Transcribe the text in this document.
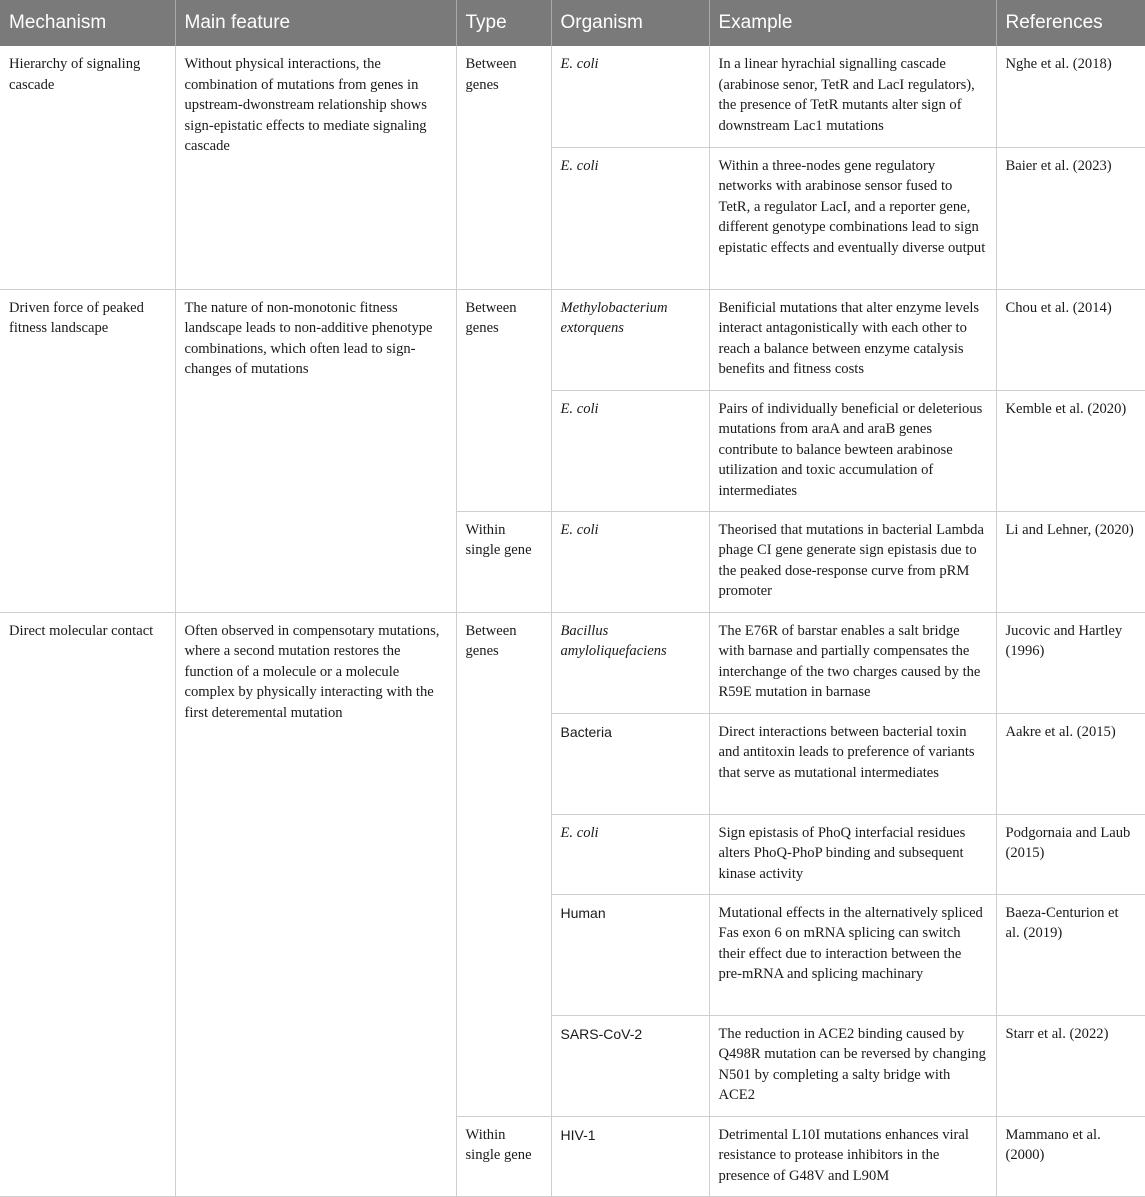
Mechanism	Main feature	Type	Organism	Example	References
Hierarchy of signaling cascade	Without physical interactions, the combination of mutations from genes in upstream-dwonstream relationship shows sign-epistatic effects to mediate signaling cascade	Between genes	E. coli	In a linear hyrachial signalling cascade (arabinose senor, TetR and LacI regulators), the presence of TetR mutants alter sign of downstream Lac1 mutations	Nghe et al. (2018)
			E. coli	Within a three-nodes gene regulatory networks with arabinose sensor fused to TetR, a regulator LacI, and a reporter gene, different genotype combinations lead to sign epistatic effects and eventually diverse output	Baier et al. (2023)
Driven force of peaked fitness landscape	The nature of non-monotonic fitness landscape leads to non-additive phenotype combinations, which often lead to sign-changes of mutations	Between genes	Methylobacterium extorquens	Benificial mutations that alter enzyme levels interact antagonistically with each other to reach a balance between enzyme catalysis benefits and fitness costs	Chou et al. (2014)
			E. coli	Pairs of individually beneficial or deleterious mutations from araA and araB genes contribute to balance bewteen arabinose utilization and toxic accumulation of intermediates	Kemble et al. (2020)
		Within single gene	E. coli	Theorised that mutations in bacterial Lambda phage CI gene generate sign epistasis due to the peaked dose-response curve from pRM promoter	Li and Lehner, (2020)
Direct molecular contact	Often observed in compensotary mutations, where a second mutation restores the function of a molecule or a molecule complex by physically interacting with the first deteremental mutation	Between genes	Bacillus amyloliquefaciens	The E76R of barstar enables a salt bridge with barnase and partially compensates the interchange of the two charges caused by the R59E mutation in barnase	Jucovic and Hartley (1996)
			Bacteria	Direct interactions between bacterial toxin and antitoxin leads to preference of variants that serve as mutational intermediates	Aakre et al. (2015)
			E. coli	Sign epistasis of PhoQ interfacial residues alters PhoQ-PhoP binding and subsequent kinase activity	Podgornaia and Laub (2015)
			Human	Mutational effects in the alternatively spliced Fas exon 6 on mRNA splicing can switch their effect due to interaction between the pre-mRNA and splicing machinary	Baeza-Centurion et al. (2019)
			SARS-CoV-2	The reduction in ACE2 binding caused by Q498R mutation can be reversed by changing N501 by completing a salty bridge with ACE2	Starr et al. (2022)
		Within single gene	HIV-1	Detrimental L10I mutations enhances viral resistance to protease inhibitors in the presence of G48V and L90M	Mammano et al. (2000)
